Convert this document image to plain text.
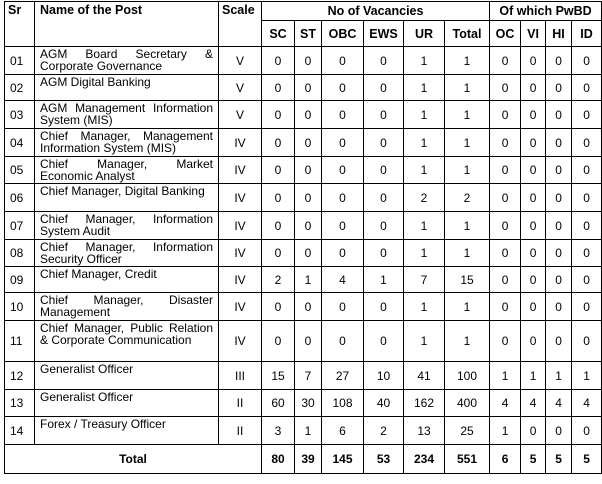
Sr	Name of the Post	Scale	No of Vacancies						Of which PwBD			
			SC	ST	OBC	EWS	UR	Total	OC	VI	HI	ID
01	AGM Board Secretary & Corporate Governance	V	0	0	0	0	1	1	0	0	0	0
02	AGM Digital Banking	V	0	0	0	0	1	1	0	0	0	0
03	AGM Management Information System (MIS)	V	0	0	0	0	1	1	0	0	0	0
04	Chief Manager, Management Information System (MIS)	IV	0	0	0	0	1	1	0	0	0	0
05	Chief Manager, Market Economic Analyst	IV	0	0	0	0	1	1	0	0	0	0
06	Chief Manager, Digital Banking	IV	0	0	0	0	2	2	0	0	0	0
07	Chief Manager, Information System Audit	IV	0	0	0	0	1	1	0	0	0	0
08	Chief Manager, Information Security Officer	IV	0	0	0	0	1	1	0	0	0	0
09	Chief Manager, Credit	IV	2	1	4	1	7	15	0	0	0	0
10	Chief Manager, Disaster Management	IV	0	0	0	0	1	1	0	0	0	0
11	Chief Manager, Public Relation & Corporate Communication	IV	0	0	0	0	1	1	0	0	0	0
12	Generalist Officer	III	15	7	27	10	41	100	1	1	1	1
13	Generalist Officer	II	60	30	108	40	162	400	4	4	4	4
14	Forex / Treasury Officer	II	3	1	6	2	13	25	1	0	0	0
Total			80	39	145	53	234	551	6	5	5	5
